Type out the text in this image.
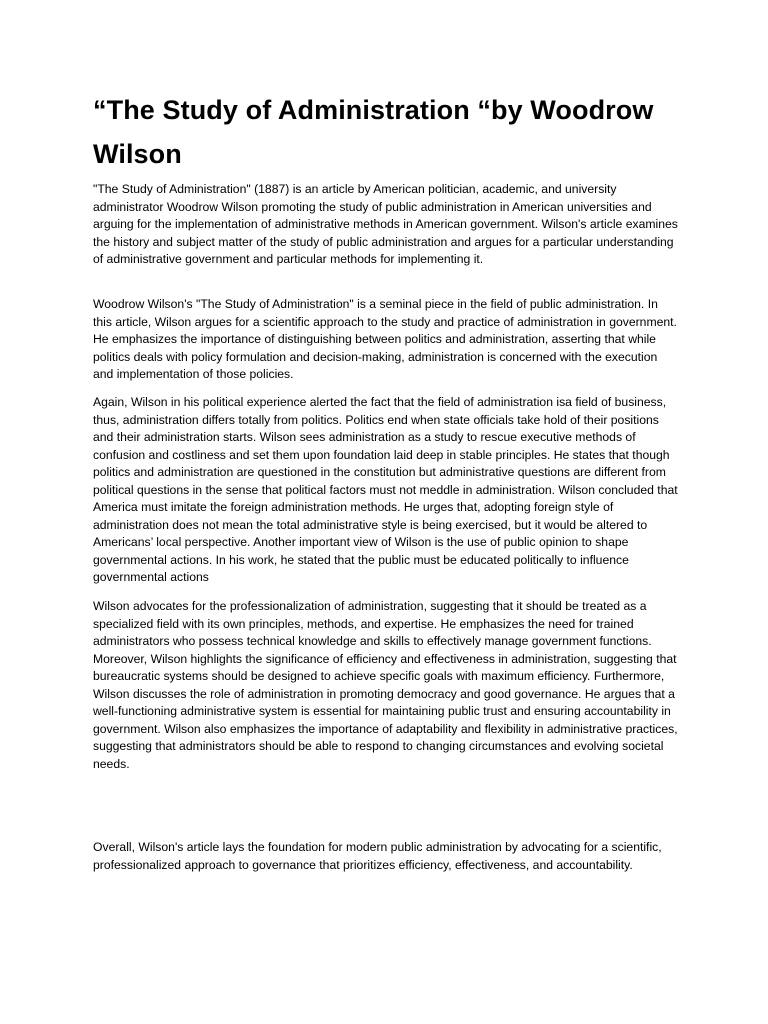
“The Study of Administration “by Woodrow Wilson

"The Study of Administration" (1887) is an article by American politician, academic, and university administrator Woodrow Wilson promoting the study of public administration in American universities and arguing for the implementation of administrative methods in American government. Wilson's article examines the history and subject matter of the study of public administration and argues for a particular understanding of administrative government and particular methods for implementing it.

Woodrow Wilson's "The Study of Administration" is a seminal piece in the field of public administration. In this article, Wilson argues for a scientific approach to the study and practice of administration in government. He emphasizes the importance of distinguishing between politics and administration, asserting that while politics deals with policy formulation and decision-making, administration is concerned with the execution and implementation of those policies.

Again, Wilson in his political experience alerted the fact that the field of administration isa field of business, thus, administration differs totally from politics. Politics end when state officials take hold of their positions and their administration starts. Wilson sees administration as a study to rescue executive methods of confusion and costliness and set them upon foundation laid deep in stable principles. He states that though politics and administration are questioned in the constitution but administrative questions are different from political questions in the sense that political factors must not meddle in administration. Wilson concluded that America must imitate the foreign administration methods. He urges that, adopting foreign style of administration does not mean the total administrative style is being exercised, but it would be altered to Americans’ local perspective. Another important view of Wilson is the use of public opinion to shape governmental actions. In his work, he stated that the public must be educated politically to influence governmental actions

Wilson advocates for the professionalization of administration, suggesting that it should be treated as a specialized field with its own principles, methods, and expertise. He emphasizes the need for trained administrators who possess technical knowledge and skills to effectively manage government functions. Moreover, Wilson highlights the significance of efficiency and effectiveness in administration, suggesting that bureaucratic systems should be designed to achieve specific goals with maximum efficiency. Furthermore, Wilson discusses the role of administration in promoting democracy and good governance. He argues that a well-functioning administrative system is essential for maintaining public trust and ensuring accountability in government. Wilson also emphasizes the importance of adaptability and flexibility in administrative practices, suggesting that administrators should be able to respond to changing circumstances and evolving societal needs.

Overall, Wilson's article lays the foundation for modern public administration by advocating for a scientific, professionalized approach to governance that prioritizes efficiency, effectiveness, and accountability.
